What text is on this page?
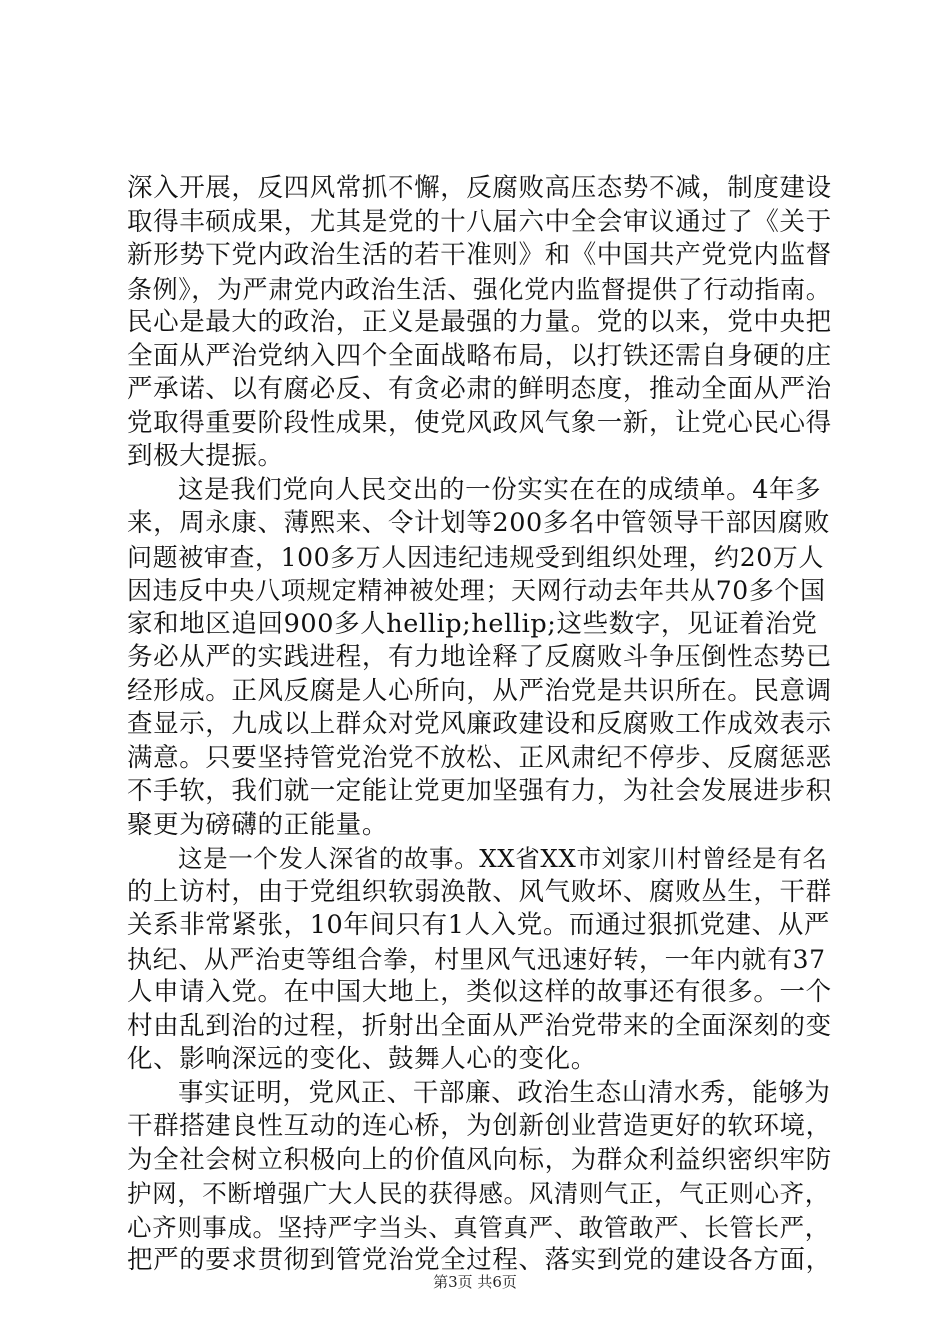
深入开展，反四风常抓不懈，反腐败高压态势不减，制度建设
取得丰硕成果，尤其是党的十八届六中全会审议通过了《关于
新形势下党内政治生活的若干准则》和《中国共产党党内监督
条例》，为严肃党内政治生活、强化党内监督提供了行动指南。
民心是最大的政治，正义是最强的力量。党的以来，党中央把
全面从严治党纳入四个全面战略布局，以打铁还需自身硬的庄
严承诺、以有腐必反、有贪必肃的鲜明态度，推动全面从严治
党取得重要阶段性成果，使党风政风气象一新，让党心民心得
到极大提振。
这是我们党向人民交出的一份实实在在的成绩单。4年多
来，周永康、薄熙来、令计划等200多名中管领导干部因腐败
问题被审查，100多万人因违纪违规受到组织处理，约20万人
因违反中央八项规定精神被处理；天网行动去年共从70多个国
家和地区追回900多人hellip;hellip;这些数字，见证着治党
务必从严的实践进程，有力地诠释了反腐败斗争压倒性态势已
经形成。正风反腐是人心所向，从严治党是共识所在。民意调
查显示，九成以上群众对党风廉政建设和反腐败工作成效表示
满意。只要坚持管党治党不放松、正风肃纪不停步、反腐惩恶
不手软，我们就一定能让党更加坚强有力，为社会发展进步积
聚更为磅礴的正能量。
这是一个发人深省的故事。XX省XX市刘家川村曾经是有名
的上访村，由于党组织软弱涣散、风气败坏、腐败丛生，干群
关系非常紧张，10年间只有1人入党。而通过狠抓党建、从严
执纪、从严治吏等组合拳，村里风气迅速好转，一年内就有37
人申请入党。在中国大地上，类似这样的故事还有很多。一个
村由乱到治的过程，折射出全面从严治党带来的全面深刻的变
化、影响深远的变化、鼓舞人心的变化。
事实证明，党风正、干部廉、政治生态山清水秀，能够为
干群搭建良性互动的连心桥，为创新创业营造更好的软环境，
为全社会树立积极向上的价值风向标，为群众利益织密织牢防
护网，不断增强广大人民的获得感。风清则气正，气正则心齐，
心齐则事成。坚持严字当头、真管真严、敢管敢严、长管长严，
把严的要求贯彻到管党治党全过程、落实到党的建设各方面，
第3页 共6页
